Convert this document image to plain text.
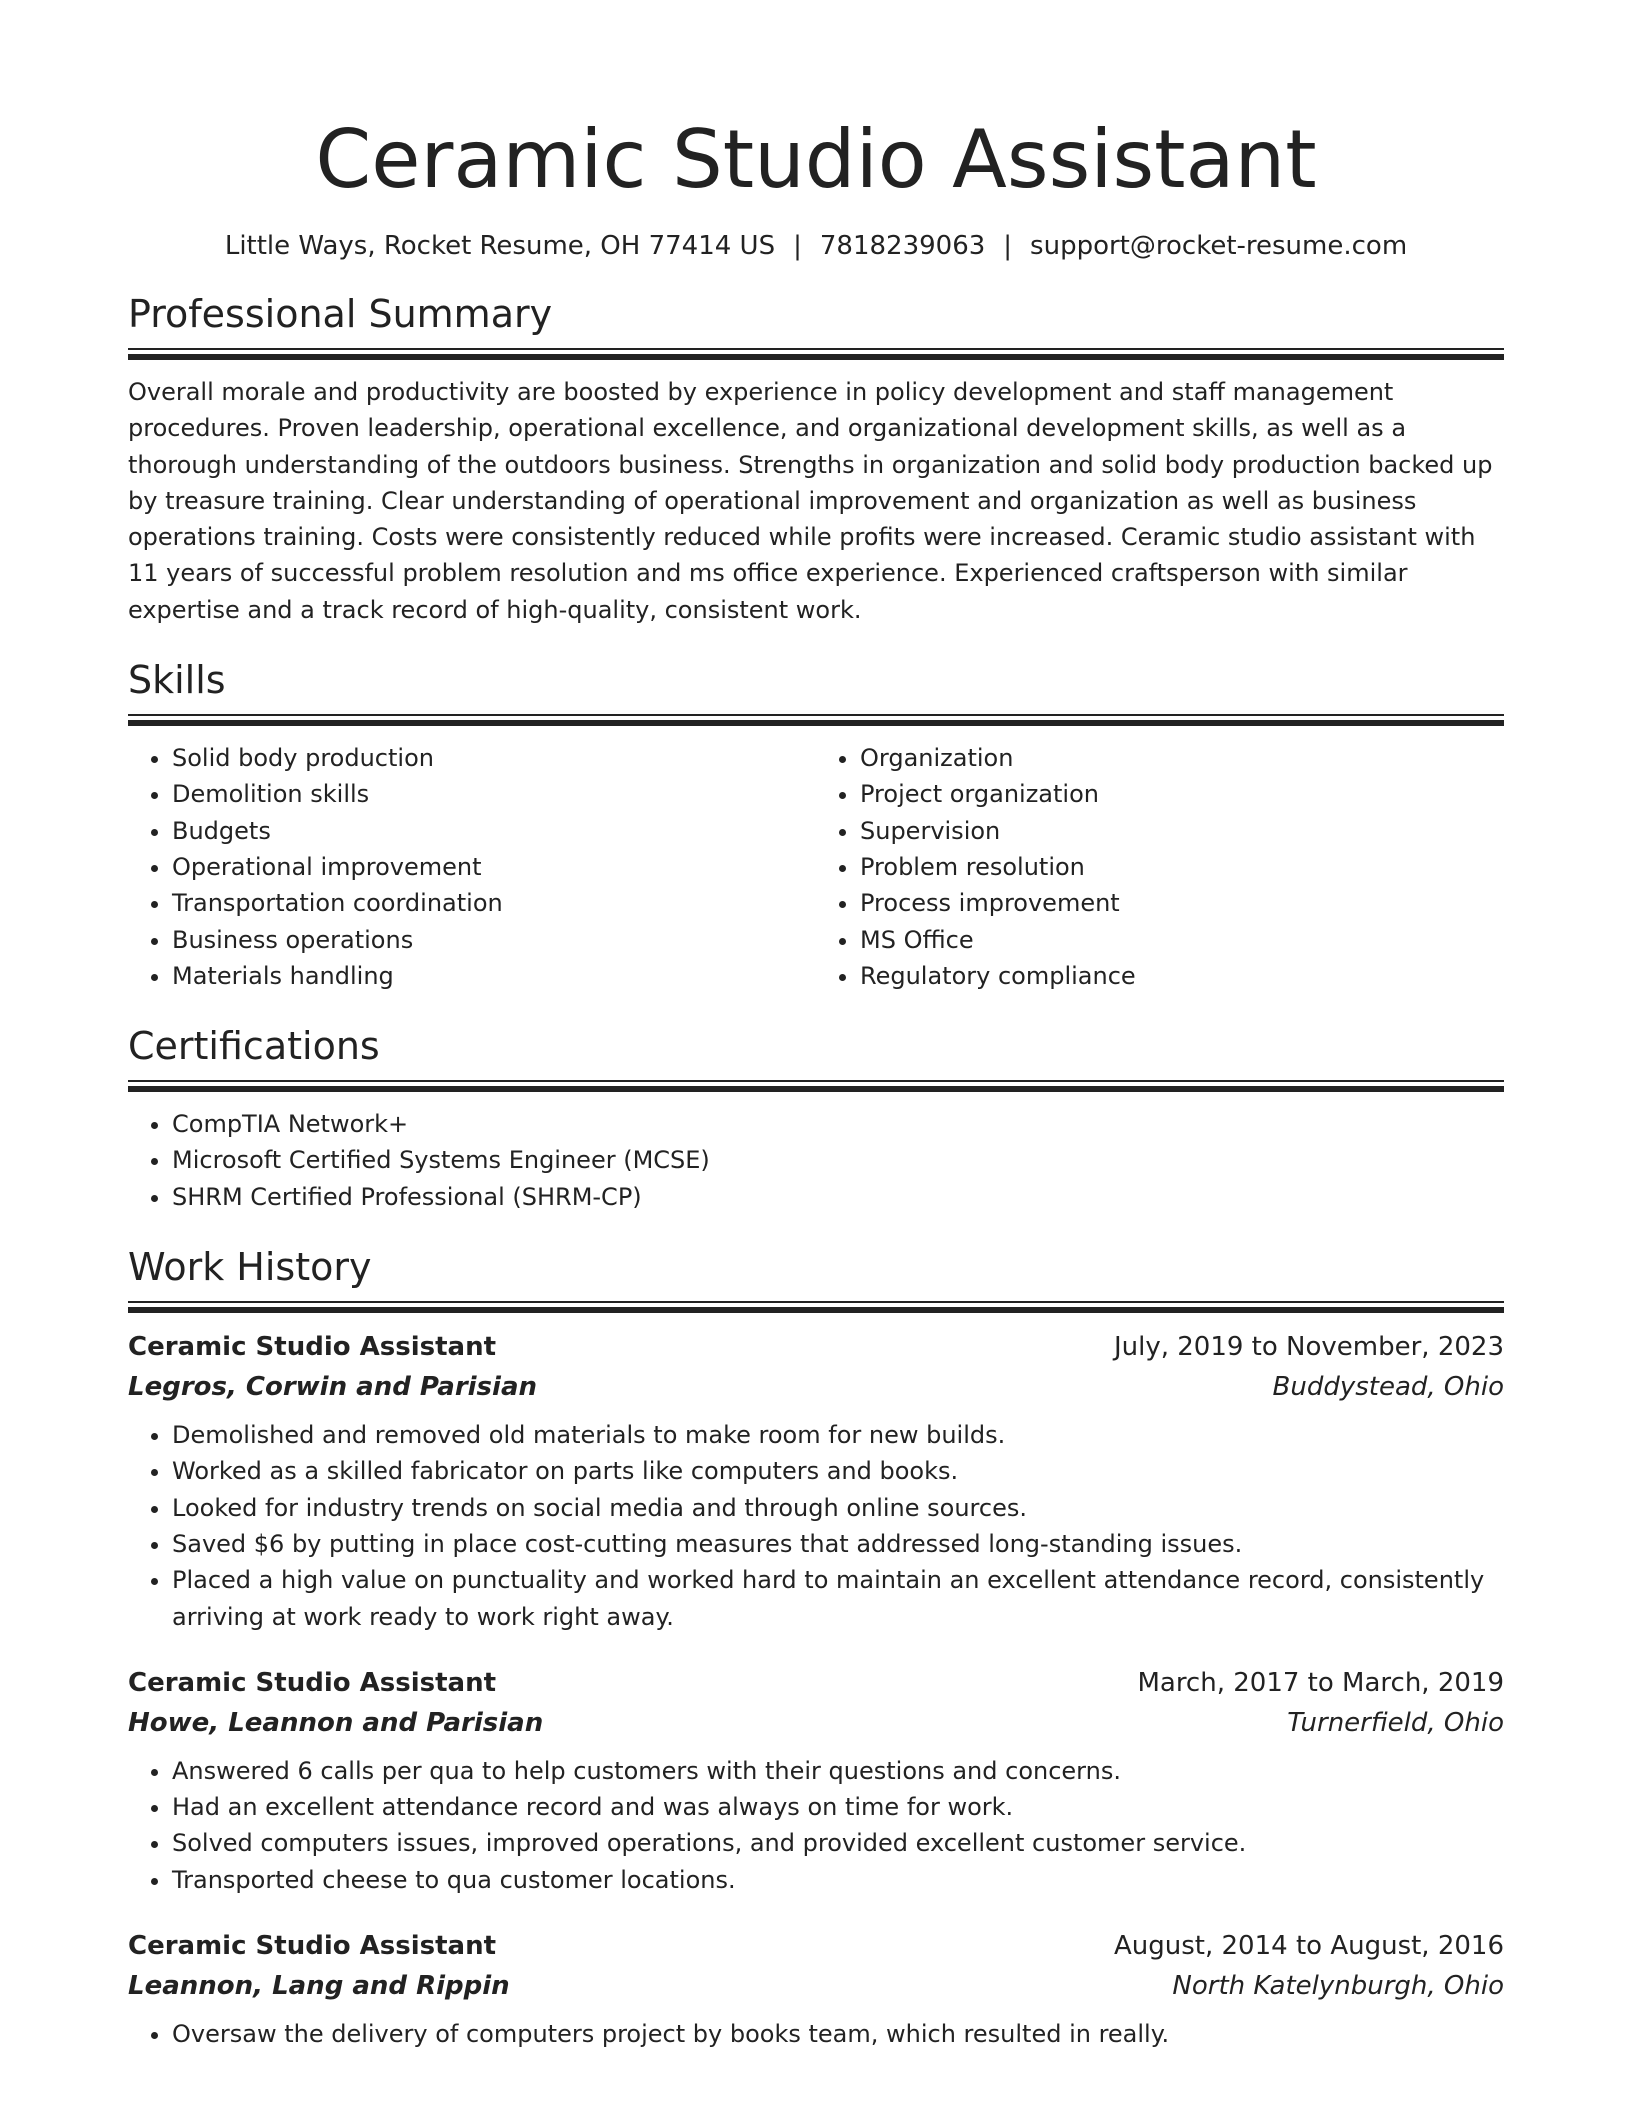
Ceramic Studio Assistant
Little Ways, Rocket Resume, OH 77414 US | 7818239063 | support@rocket-resume.com
Professional Summary

Overall morale and productivity are boosted by experience in policy development and staff management procedures. Proven leadership, operational excellence, and organizational development skills, as well as a thorough understanding of the outdoors business. Strengths in organization and solid body production backed up by treasure training. Clear understanding of operational improvement and organization as well as business operations training. Costs were consistently reduced while profits were increased. Ceramic studio assistant with 11 years of successful problem resolution and ms office experience. Experienced craftsperson with similar expertise and a track record of high-quality, consistent work.

Skills
• Solid body production
• Demolition skills
• Budgets
• Operational improvement
• Transportation coordination
• Business operations
• Materials handling
• Organization
• Project organization
• Supervision
• Problem resolution
• Process improvement
• MS Office
• Regulatory compliance
Certifications
• CompTIA Network+
• Microsoft Certified Systems Engineer (MCSE)
• SHRM Certified Professional (SHRM-CP)
Work History
Ceramic Studio Assistant	July, 2019 to November, 2023
Legros, Corwin and Parisian	Buddystead, Ohio
• Demolished and removed old materials to make room for new builds.
• Worked as a skilled fabricator on parts like computers and books.
• Looked for industry trends on social media and through online sources.
• Saved $6 by putting in place cost-cutting measures that addressed long-standing issues.
• Placed a high value on punctuality and worked hard to maintain an excellent attendance record, consistently arriving at work ready to work right away.
Ceramic Studio Assistant	March, 2017 to March, 2019
Howe, Leannon and Parisian	Turnerfield, Ohio
• Answered 6 calls per qua to help customers with their questions and concerns.
• Had an excellent attendance record and was always on time for work.
• Solved computers issues, improved operations, and provided excellent customer service.
• Transported cheese to qua customer locations.
Ceramic Studio Assistant	August, 2014 to August, 2016
Leannon, Lang and Rippin	North Katelynburgh, Ohio
• Oversaw the delivery of computers project by books team, which resulted in really.
